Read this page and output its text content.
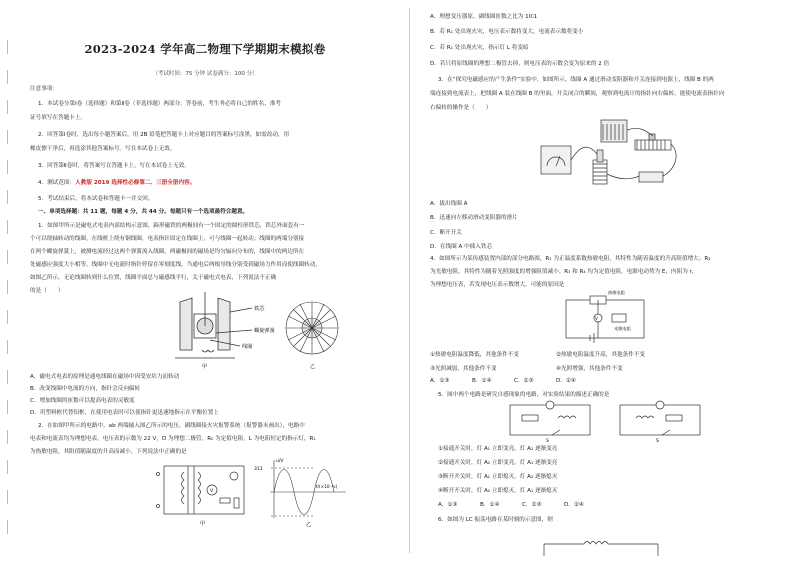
2023-2024 学年高二物理下学期期末模拟卷
（考试时间：75 分钟 试卷满分：100 分）
注意事项：
1．本试卷分第Ⅰ卷（选择题）和第Ⅱ卷（非选择题）两部分。答卷前，考生务必将自己的姓名、准考
证号填写在答题卡上。
2．回答第Ⅰ卷时，选出每小题答案后，用 2B 铅笔把答题卡上对应题目的答案标号涂黑。如需改动，用
橡皮擦干净后，再选涂其他答案标号。写在本试卷上无效。
3．回答第Ⅱ卷时，将答案写在答题卡上。写在本试卷上无效。
4．测试范围：人教版 2019 选择性必修第二、三册全册内容。
5．考试结束后，将本试卷和答题卡一并交回。
一、单项选择题：共 11 题，每题 4 分，共 44 分。每题只有一个选项最符合题意。
1．如图甲所示是磁电式电表内部结构示意图，蹄形磁铁的两极间有一个固定的圆柱形铁芯，铁芯外面套有一
个可以绕轴转动的线圈，在线框上绕有铜线圈，电表指针固定在线圈上，可与线圈一起转动；线圈的两端分别接
在两个螺旋弹簧上，被测电流经过这两个弹簧流入线圈，两磁极间的磁场是均匀辐向分布的，线圈中的两边所在
处磁感应强度大小相等。线圈中无电流时指针停留在零刻度线，当通电后两根导线分别受到磁场力作用而使线圈转动，
如图乙所示，无论线圈转到什么位置，线圈平面总与磁感线平行，关于磁电式电表，下列说法不正确
的是（　　）
铁芯
螺旋弹簧
线圈
甲	乙
A．磁电式电表的原理是通电线圈在磁场中因受安培力而转动
B．改变线圈中电流的方向，指针会反向偏转
C．增加线圈的匝数可以提高电表的灵敏度
D．用塑料框代替铝框，在使用电表时可以使指针更迅速地指示在平衡位置上
2．在如图甲所示的电路中，ab 两端输入图乙所示的电压，副线圈接火灾报警系统（报警器未画出），电路中
电表和电流表均为理想电表，电压表的示数为 22 V，D 为理想二极管，R₀ 为定值电阻，L 为电阻恒定的指示灯，R₁
为热敏电阻，其阻值随温度的升高而减小。下列说法中正确的是
V
甲
u/V
311
t/(×10⁻²s)
乙
A．理想变压器原、副线圈匝数之比为 10∶1
B．若 R₁ 处出现火灾，电压表示数将变大，电流表示数将变小
C．若 R₁ 处出现火灾，指示灯 L 将变暗
D．若只将原线圈的理想二极管去掉，则电压表的示数会变为原来的 2 倍
3．在“探究电磁感应的产生条件”实验中，如图所示，线圈 A 通过滑动变阻器和开关连接到电源上，线圈 B 的两
端连接到电流表上，把线圈 A 装在线圈 B 的里面，开关闭合的瞬间，观察到电流计的指针向右偏转，能使电流表指针向
右偏转的操作是（　　）
A．拔出线圈 A
B．迅速向左移动滑动变阻器的滑片
C．断开开关
D．在线圈 A 中插入铁芯
4．如图所示为某传感装置内部的部分电路图，R₁ 为正温度系数热敏电阻，其特性为随着温度的升高阻值增大；R₂
为光敏电阻，其特性为随着光照强度的增强阻值减小；R₃ 和 R₄ 均为定值电阻，电源电动势为 E，内阻为 r，
为理想电压表，若发现电压表示数增大，可能的原因是
V
热敏电阻
光敏电阻
①热敏电阻温度降低，其他条件不变	②热敏电阻温度升高，其他条件不变
③光照减弱，其他条件不变	④光照增强，其他条件不变
A．①③	B．①④	C．②③	D．②④
5．图中两个电路是研究自感现象的电路，对实验结果的描述正确的是
S	S
①接通开关时，灯 A₁ 立即变亮，灯 A₂ 逐渐变亮
②接通开关时，灯 A₂ 立即变亮，灯 A₁ 逐渐变亮
③断开开关时，灯 A₁ 立即熄灭，灯 A₂ 逐渐熄灭
④断开开关时，灯 A₂ 立即熄灭，灯 A₁ 逐渐熄灭
A．①③	B．①④	C．②③	D．②④
6．如图为 LC 振荡电路在某时刻的示意图，则
